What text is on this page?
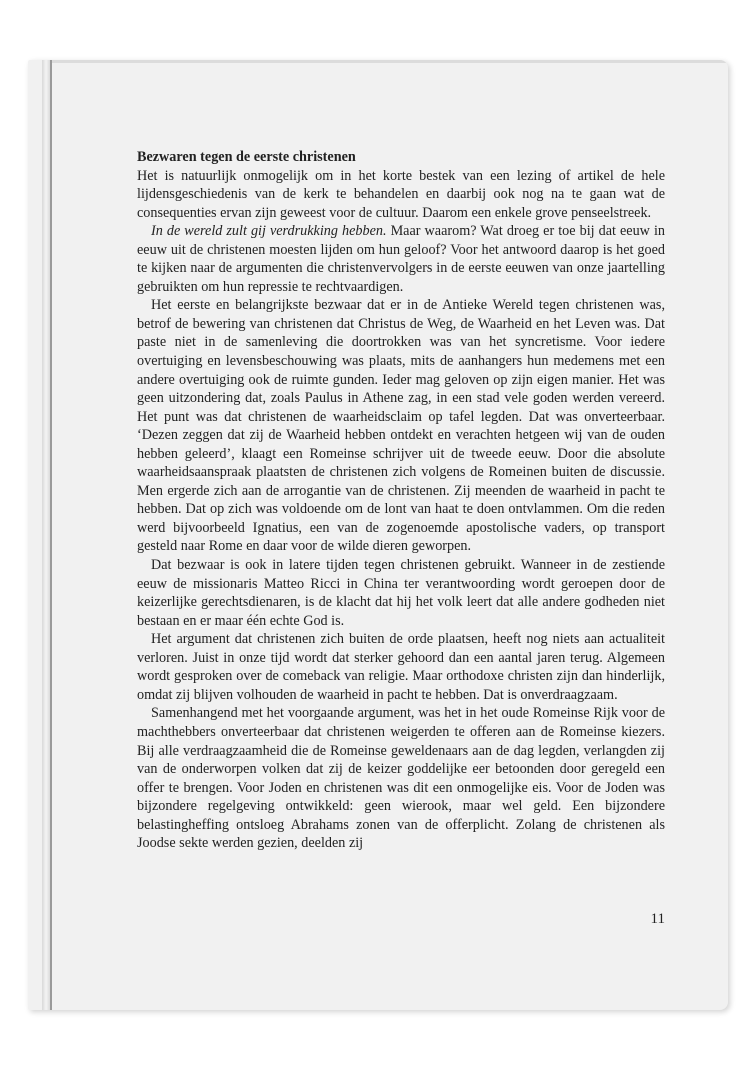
Bezwaren tegen de eerste christenen

Het is natuurlijk onmogelijk om in het korte bestek van een lezing of artikel de hele lijdensgeschiedenis van de kerk te behandelen en daarbij ook nog na te gaan wat de consequenties ervan zijn geweest voor de cultuur. Daarom een enkele grove penseelstreek.

In de wereld zult gij verdrukking hebben. Maar waarom? Wat droeg er toe bij dat eeuw in eeuw uit de christenen moesten lijden om hun geloof? Voor het antwoord daarop is het goed te kijken naar de argumenten die christenvervolgers in de eerste eeuwen van onze jaartelling gebruikten om hun repressie te rechtvaardigen.

Het eerste en belangrijkste bezwaar dat er in de Antieke Wereld tegen christenen was, betrof de bewering van christenen dat Christus de Weg, de Waarheid en het Leven was. Dat paste niet in de samenleving die doortrokken was van het syncretisme. Voor iedere overtuiging en levensbeschouwing was plaats, mits de aanhangers hun medemens met een andere overtuiging ook de ruimte gunden. Ieder mag geloven op zijn eigen manier. Het was geen uitzondering dat, zoals Paulus in Athene zag, in een stad vele goden werden vereerd. Het punt was dat christenen de waarheidsclaim op tafel legden. Dat was onverteerbaar. ‘Dezen zeggen dat zij de Waarheid hebben ontdekt en verachten hetgeen wij van de ouden hebben geleerd’, klaagt een Romeinse schrijver uit de tweede eeuw. Door die absolute waarheidsaanspraak plaatsten de christenen zich volgens de Romeinen buiten de discussie. Men ergerde zich aan de arrogantie van de christenen. Zij meenden de waarheid in pacht te hebben. Dat op zich was voldoende om de lont van haat te doen ontvlammen. Om die reden werd bijvoorbeeld Ignatius, een van de zogenoemde apostolische vaders, op transport gesteld naar Rome en daar voor de wilde dieren geworpen.

Dat bezwaar is ook in latere tijden tegen christenen gebruikt. Wanneer in de zestiende eeuw de missionaris Matteo Ricci in China ter verantwoording wordt geroepen door de keizerlijke gerechtsdienaren, is de klacht dat hij het volk leert dat alle andere godheden niet bestaan en er maar één echte God is.

Het argument dat christenen zich buiten de orde plaatsen, heeft nog niets aan actualiteit verloren. Juist in onze tijd wordt dat sterker gehoord dan een aantal jaren terug. Algemeen wordt gesproken over de comeback van religie. Maar orthodoxe christen zijn dan hinderlijk, omdat zij blijven volhouden de waarheid in pacht te hebben. Dat is onverdraagzaam.

Samenhangend met het voorgaande argument, was het in het oude Romeinse Rijk voor de machthebbers onverteerbaar dat christenen weigerden te offeren aan de Romeinse kiezers. Bij alle verdraagzaamheid die de Romeinse geweldenaars aan de dag legden, verlangden zij van de onderworpen volken dat zij de keizer goddelijke eer betoonden door geregeld een offer te brengen. Voor Joden en christenen was dit een onmogelijke eis. Voor de Joden was bijzondere regelgeving ontwikkeld: geen wierook, maar wel geld. Een bijzondere belastingheffing ontsloeg Abrahams zonen van de offerplicht. Zolang de christenen als Joodse sekte werden gezien, deelden zij

11
